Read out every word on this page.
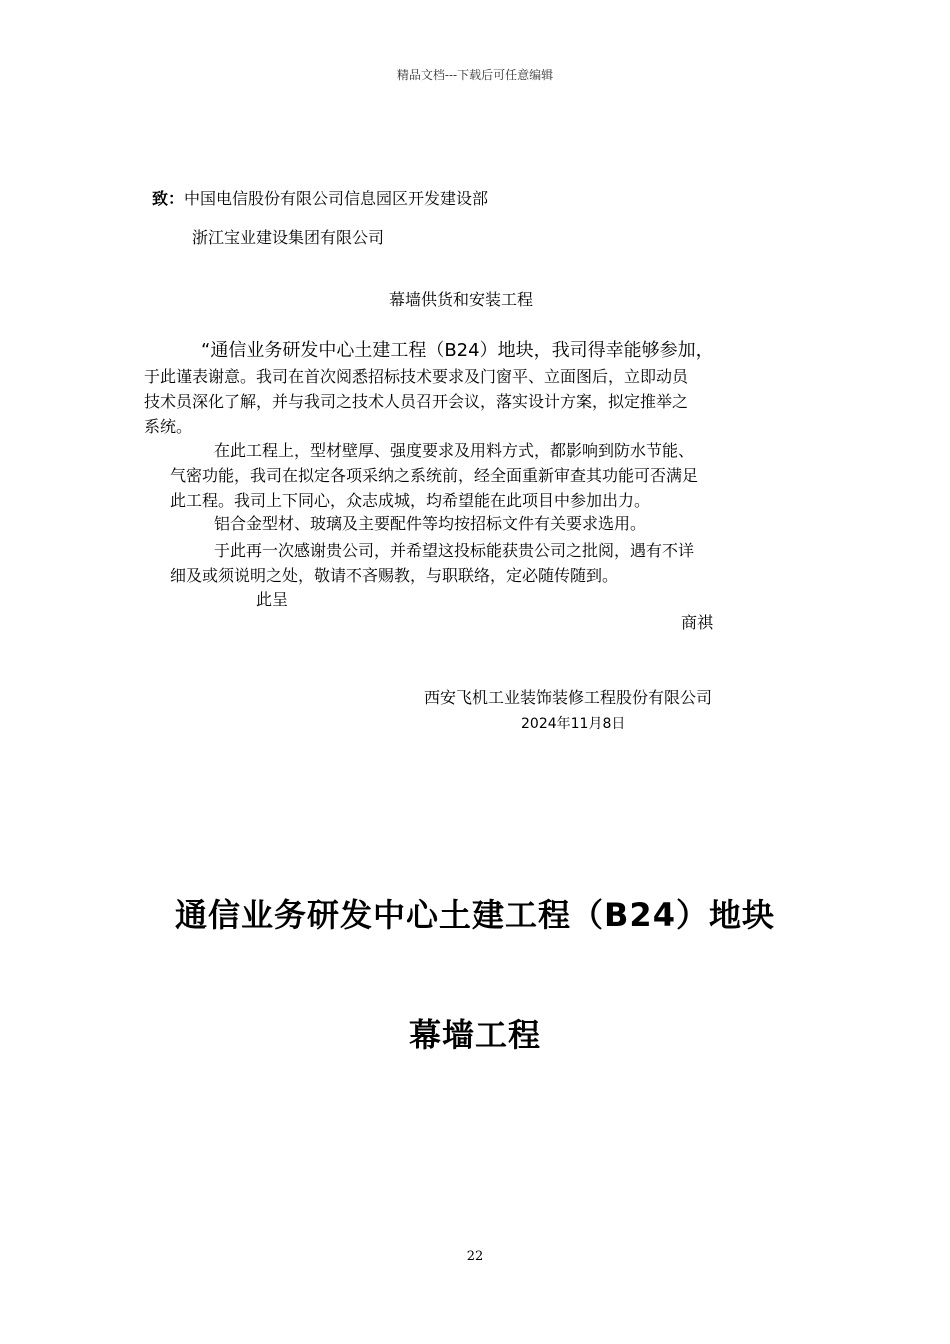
精品文档---下载后可任意编辑
致：中国电信股份有限公司信息园区开发建设部
浙江宝业建设集团有限公司
幕墙供货和安装工程
“通信业务研发中心土建工程（B24）地块，我司得幸能够参加，
于此谨表谢意。我司在首次阅悉招标技术要求及门窗平、立面图后，立即动员
技术员深化了解，并与我司之技术人员召开会议，落实设计方案，拟定推举之
系统。
在此工程上，型材壁厚、强度要求及用料方式，都影响到防水节能、
气密功能，我司在拟定各项采纳之系统前，经全面重新审查其功能可否满足
此工程。我司上下同心，众志成城，均希望能在此项目中参加出力。
铝合金型材、玻璃及主要配件等均按招标文件有关要求选用。
于此再一次感谢贵公司，并希望这投标能获贵公司之批阅，遇有不详
细及或须说明之处，敬请不吝赐教，与职联络，定必随传随到。
此呈
商祺
西安飞机工业装饰装修工程股份有限公司
2024年11月8日
通信业务研发中心土建工程（B24）地块
幕墙工程
22
